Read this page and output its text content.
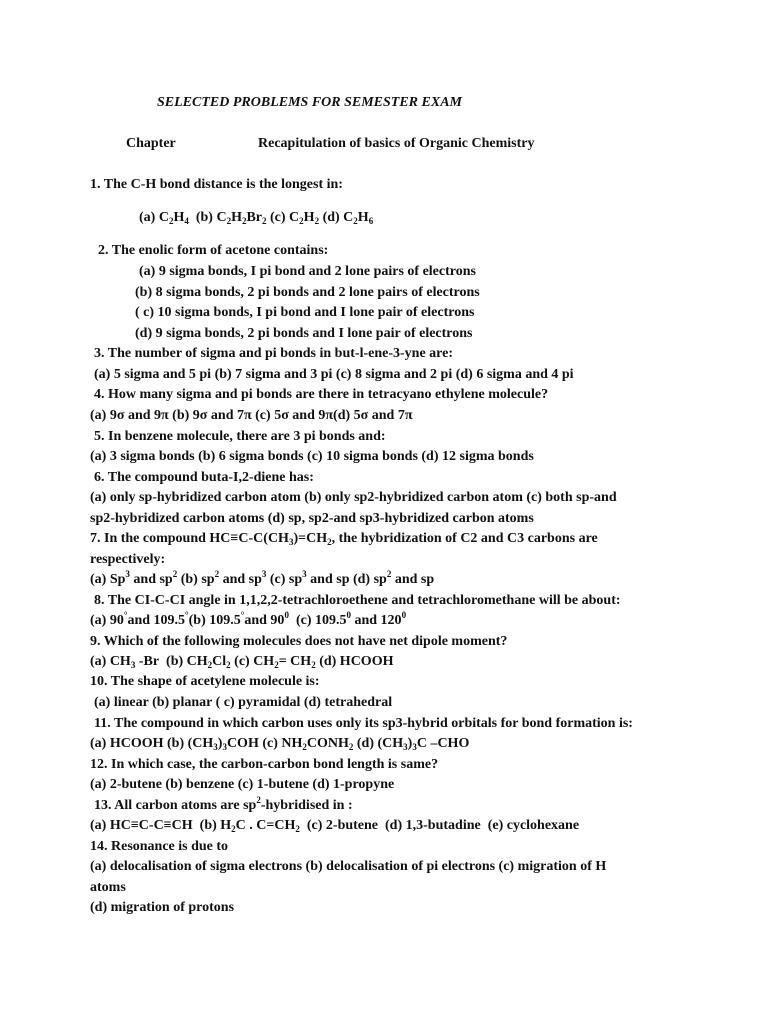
SELECTED PROBLEMS FOR SEMESTER EXAM
Chapter	Recapitulation of basics of Organic Chemistry
1. The C-H bond distance is the longest in:
(a) $C_2H_4$  (b) $C_2H_2Br_2$ (c) $C_2H_2$ (d) $C_2H_6$
2. The enolic form of acetone contains:
(a) 9 sigma bonds, I pi bond and 2 lone pairs of electrons
(b) 8 sigma bonds, 2 pi bonds and 2 lone pairs of electrons
( c) 10 sigma bonds, I pi bond and I lone pair of electrons
(d) 9 sigma bonds, 2 pi bonds and I lone pair of electrons
3. The number of sigma and pi bonds in but-l-ene-3-yne are:
(a) 5 sigma and 5 pi (b) 7 sigma and 3 pi (c) 8 sigma and 2 pi (d) 6 sigma and 4 pi
4. How many sigma and pi bonds are there in tetracyano ethylene molecule?
(a) 9σ and 9π (b) 9σ and 7π (c) 5σ and 9π(d) 5σ and 7π
5. In benzene molecule, there are 3 pi bonds and:
(a) 3 sigma bonds (b) 6 sigma bonds (c) 10 sigma bonds (d) 12 sigma bonds
6. The compound buta-I,2-diene has:
(a) only sp-hybridized carbon atom (b) only sp2-hybridized carbon atom (c) both sp-and
sp2-hybridized carbon atoms (d) sp, sp2-and sp3-hybridized carbon atoms
7. In the compound $HC\equiv C-C(CH_3)=CH_2$, the hybridization of C2 and C3 carbons are
respectively:
(a) Sp$^3$ and $sp^2$ (b) $sp^2$ and $sp^3$ (c) $sp^3$ and sp (d) $sp^2$ and sp
8. The CI-C-CI angle in 1,1,2,2-tetrachloroethene and tetrachloromethane will be about:
(a) 90°and 109.5°(b) 109.5°and $90^0$  (c) 109.5$^0$ and $120^0$
9. Which of the following molecules does not have net dipole moment?
(a) $CH_3$ -Br  (b) $CH_2Cl_2$ (c) $CH_2= CH_2$ (d) HCOOH
10. The shape of acetylene molecule is:
(a) linear (b) planar ( c) pyramidal (d) tetrahedral
11. The compound in which carbon uses only its sp3-hybrid orbitals for bond formation is:
(a) HCOOH (b) $(CH_3)_3COH$ (c) $NH_2CONH_2$ (d) $(CH_3)_3C$ –CHO
12. In which case, the carbon-carbon bond length is same?
(a) 2-butene (b) benzene (c) 1-butene (d) 1-propyne
13. All carbon atoms are $sp^2$-hybridised in :
(a) HC≡C-C≡CH  (b) $H_2C$ . $C=CH_2$  (c) 2-butene  (d) 1,3-butadine  (e) cyclohexane
14. Resonance is due to
(a) delocalisation of sigma electrons (b) delocalisation of pi electrons (c) migration of H
atoms
(d) migration of protons
